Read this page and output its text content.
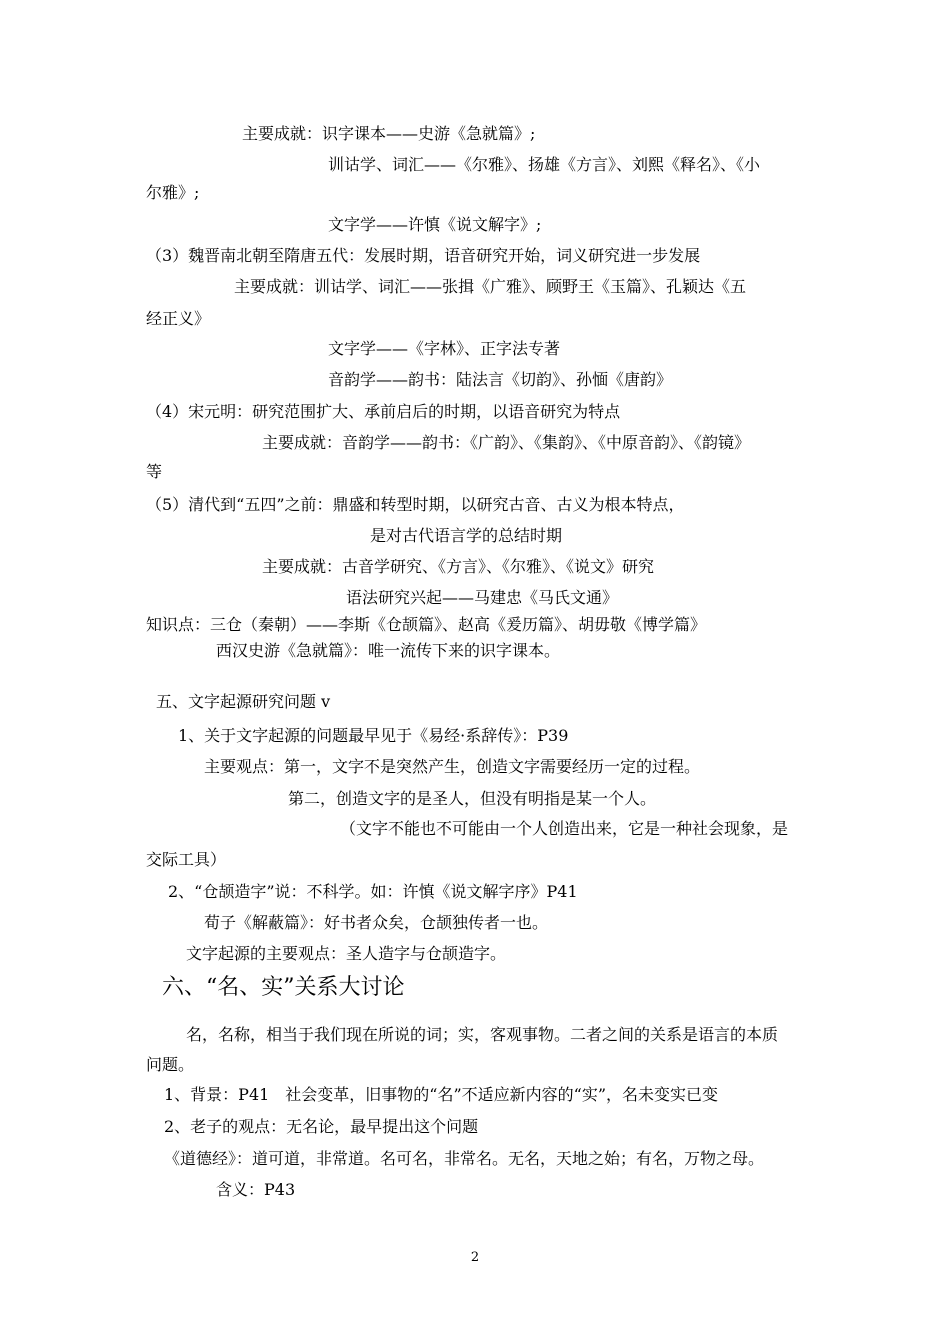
主要成就：识字课本——史游《急就篇》;
训诂学、词汇——《尔雅》、扬雄《方言》、刘熙《释名》、《小
尔雅》;
文字学——许慎《说文解字》;
（3）魏晋南北朝至隋唐五代：发展时期，语音研究开始，词义研究进一步发展
主要成就：训诂学、词汇——张揖《广雅》、顾野王《玉篇》、孔颖达《五
经正义》
文字学——《字林》、正字法专著
音韵学——韵书：陆法言《切韵》、孙愐《唐韵》
（4）宋元明：研究范围扩大、承前启后的时期，以语音研究为特点
主要成就：音韵学——韵书：《广韵》、《集韵》、《中原音韵》、《韵镜》
等
（5）清代到“五四”之前：鼎盛和转型时期，以研究古音、古义为根本特点，
是对古代语言学的总结时期
主要成就：古音学研究、《方言》、《尔雅》、《说文》研究
语法研究兴起——马建忠《马氏文通》
知识点：三仓（秦朝）——李斯《仓颉篇》、赵高《爰历篇》、胡毋敬《博学篇》
西汉史游《急就篇》：唯一流传下来的识字课本。
五、文字起源研究问题 v
1、关于文字起源的问题最早见于《易经·系辞传》：P39
主要观点：第一，文字不是突然产生，创造文字需要经历一定的过程。
第二，创造文字的是圣人，但没有明指是某一个人。
（文字不能也不可能由一个人创造出来，它是一种社会现象，是
交际工具）
2、“仓颉造字”说：不科学。如：许慎《说文解字序》P41
荀子《解蔽篇》：好书者众矣，仓颉独传者一也。
文字起源的主要观点：圣人造字与仓颉造字。
六、“名、实”关系大讨论
名，名称，相当于我们现在所说的词；实，客观事物。二者之间的关系是语言的本质
问题。
1、背景：P41　社会变革，旧事物的“名”不适应新内容的“实”，名未变实已变
2、老子的观点：无名论，最早提出这个问题
《道德经》：道可道，非常道。名可名，非常名。无名，天地之始；有名，万物之母。
含义：P43
2
